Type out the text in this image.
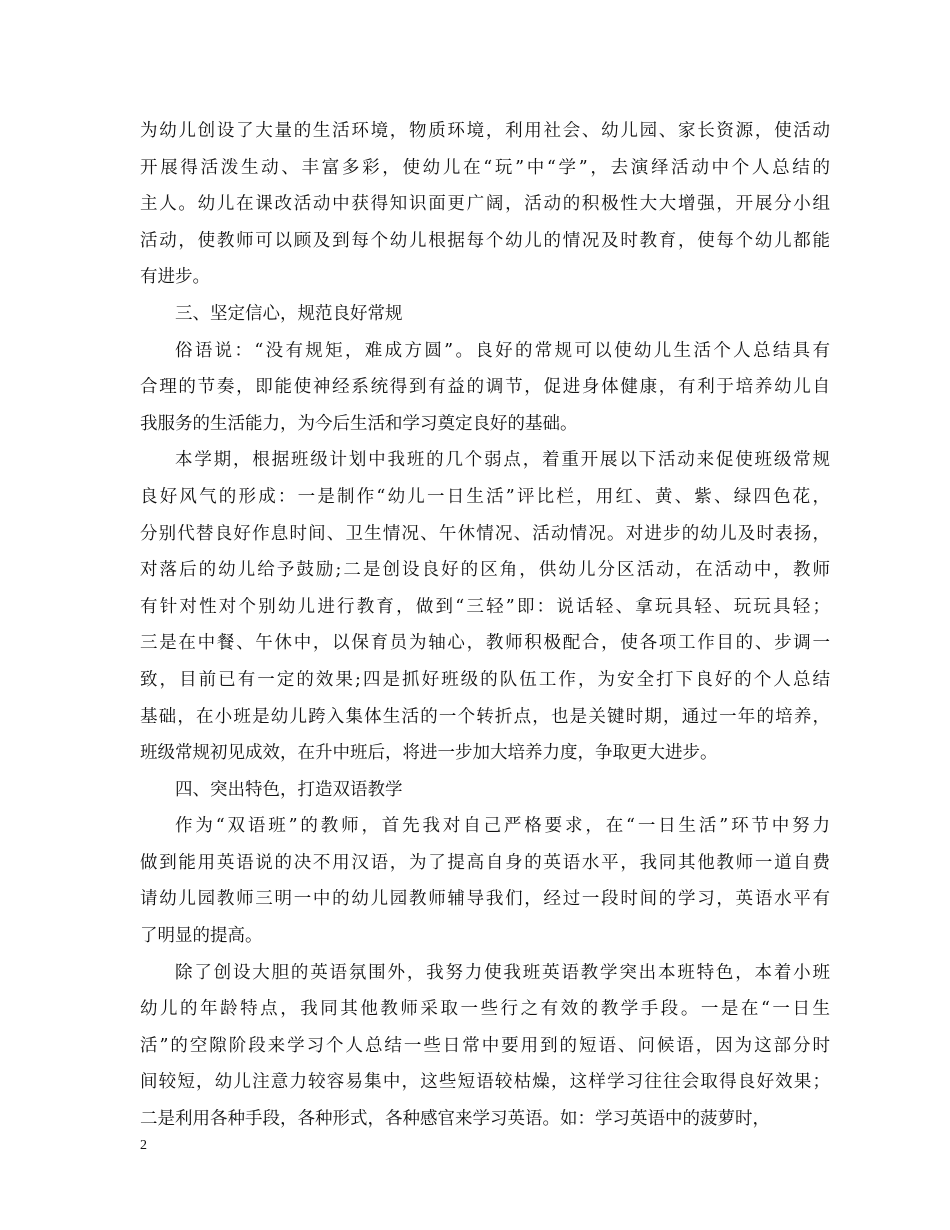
为幼儿创设了大量的生活环境，物质环境，利用社会、幼儿园、家长资源，使活动
开展得活泼生动、丰富多彩，使幼儿在“玩”中“学”，去演绎活动中个人总结的
主人。幼儿在课改活动中获得知识面更广阔，活动的积极性大大增强，开展分小组
活动，使教师可以顾及到每个幼儿根据每个幼儿的情况及时教育，使每个幼儿都能
有进步。
三、坚定信心，规范良好常规
俗语说：“没有规矩，难成方圆”。良好的常规可以使幼儿生活个人总结具有
合理的节奏，即能使神经系统得到有益的调节，促进身体健康，有利于培养幼儿自
我服务的生活能力，为今后生活和学习奠定良好的基础。
本学期，根据班级计划中我班的几个弱点，着重开展以下活动来促使班级常规
良好风气的形成：一是制作“幼儿一日生活”评比栏，用红、黄、紫、绿四色花，
分别代替良好作息时间、卫生情况、午休情况、活动情况。对进步的幼儿及时表扬，
对落后的幼儿给予鼓励;二是创设良好的区角，供幼儿分区活动，在活动中，教师
有针对性对个别幼儿进行教育，做到“三轻”即：说话轻、拿玩具轻、玩玩具轻；
三是在中餐、午休中，以保育员为轴心，教师积极配合，使各项工作目的、步调一
致，目前已有一定的效果;四是抓好班级的队伍工作，为安全打下良好的个人总结
基础，在小班是幼儿跨入集体生活的一个转折点，也是关键时期，通过一年的培养，
班级常规初见成效，在升中班后，将进一步加大培养力度，争取更大进步。
四、突出特色，打造双语教学
作为“双语班”的教师，首先我对自己严格要求，在“一日生活”环节中努力
做到能用英语说的决不用汉语，为了提高自身的英语水平，我同其他教师一道自费
请幼儿园教师三明一中的幼儿园教师辅导我们，经过一段时间的学习，英语水平有
了明显的提高。
除了创设大胆的英语氛围外，我努力使我班英语教学突出本班特色，本着小班
幼儿的年龄特点，我同其他教师采取一些行之有效的教学手段。一是在“一日生
活”的空隙阶段来学习个人总结一些日常中要用到的短语、问候语，因为这部分时
间较短，幼儿注意力较容易集中，这些短语较枯燥，这样学习往往会取得良好效果；
二是利用各种手段，各种形式，各种感官来学习英语。如：学习英语中的菠萝时，
2
